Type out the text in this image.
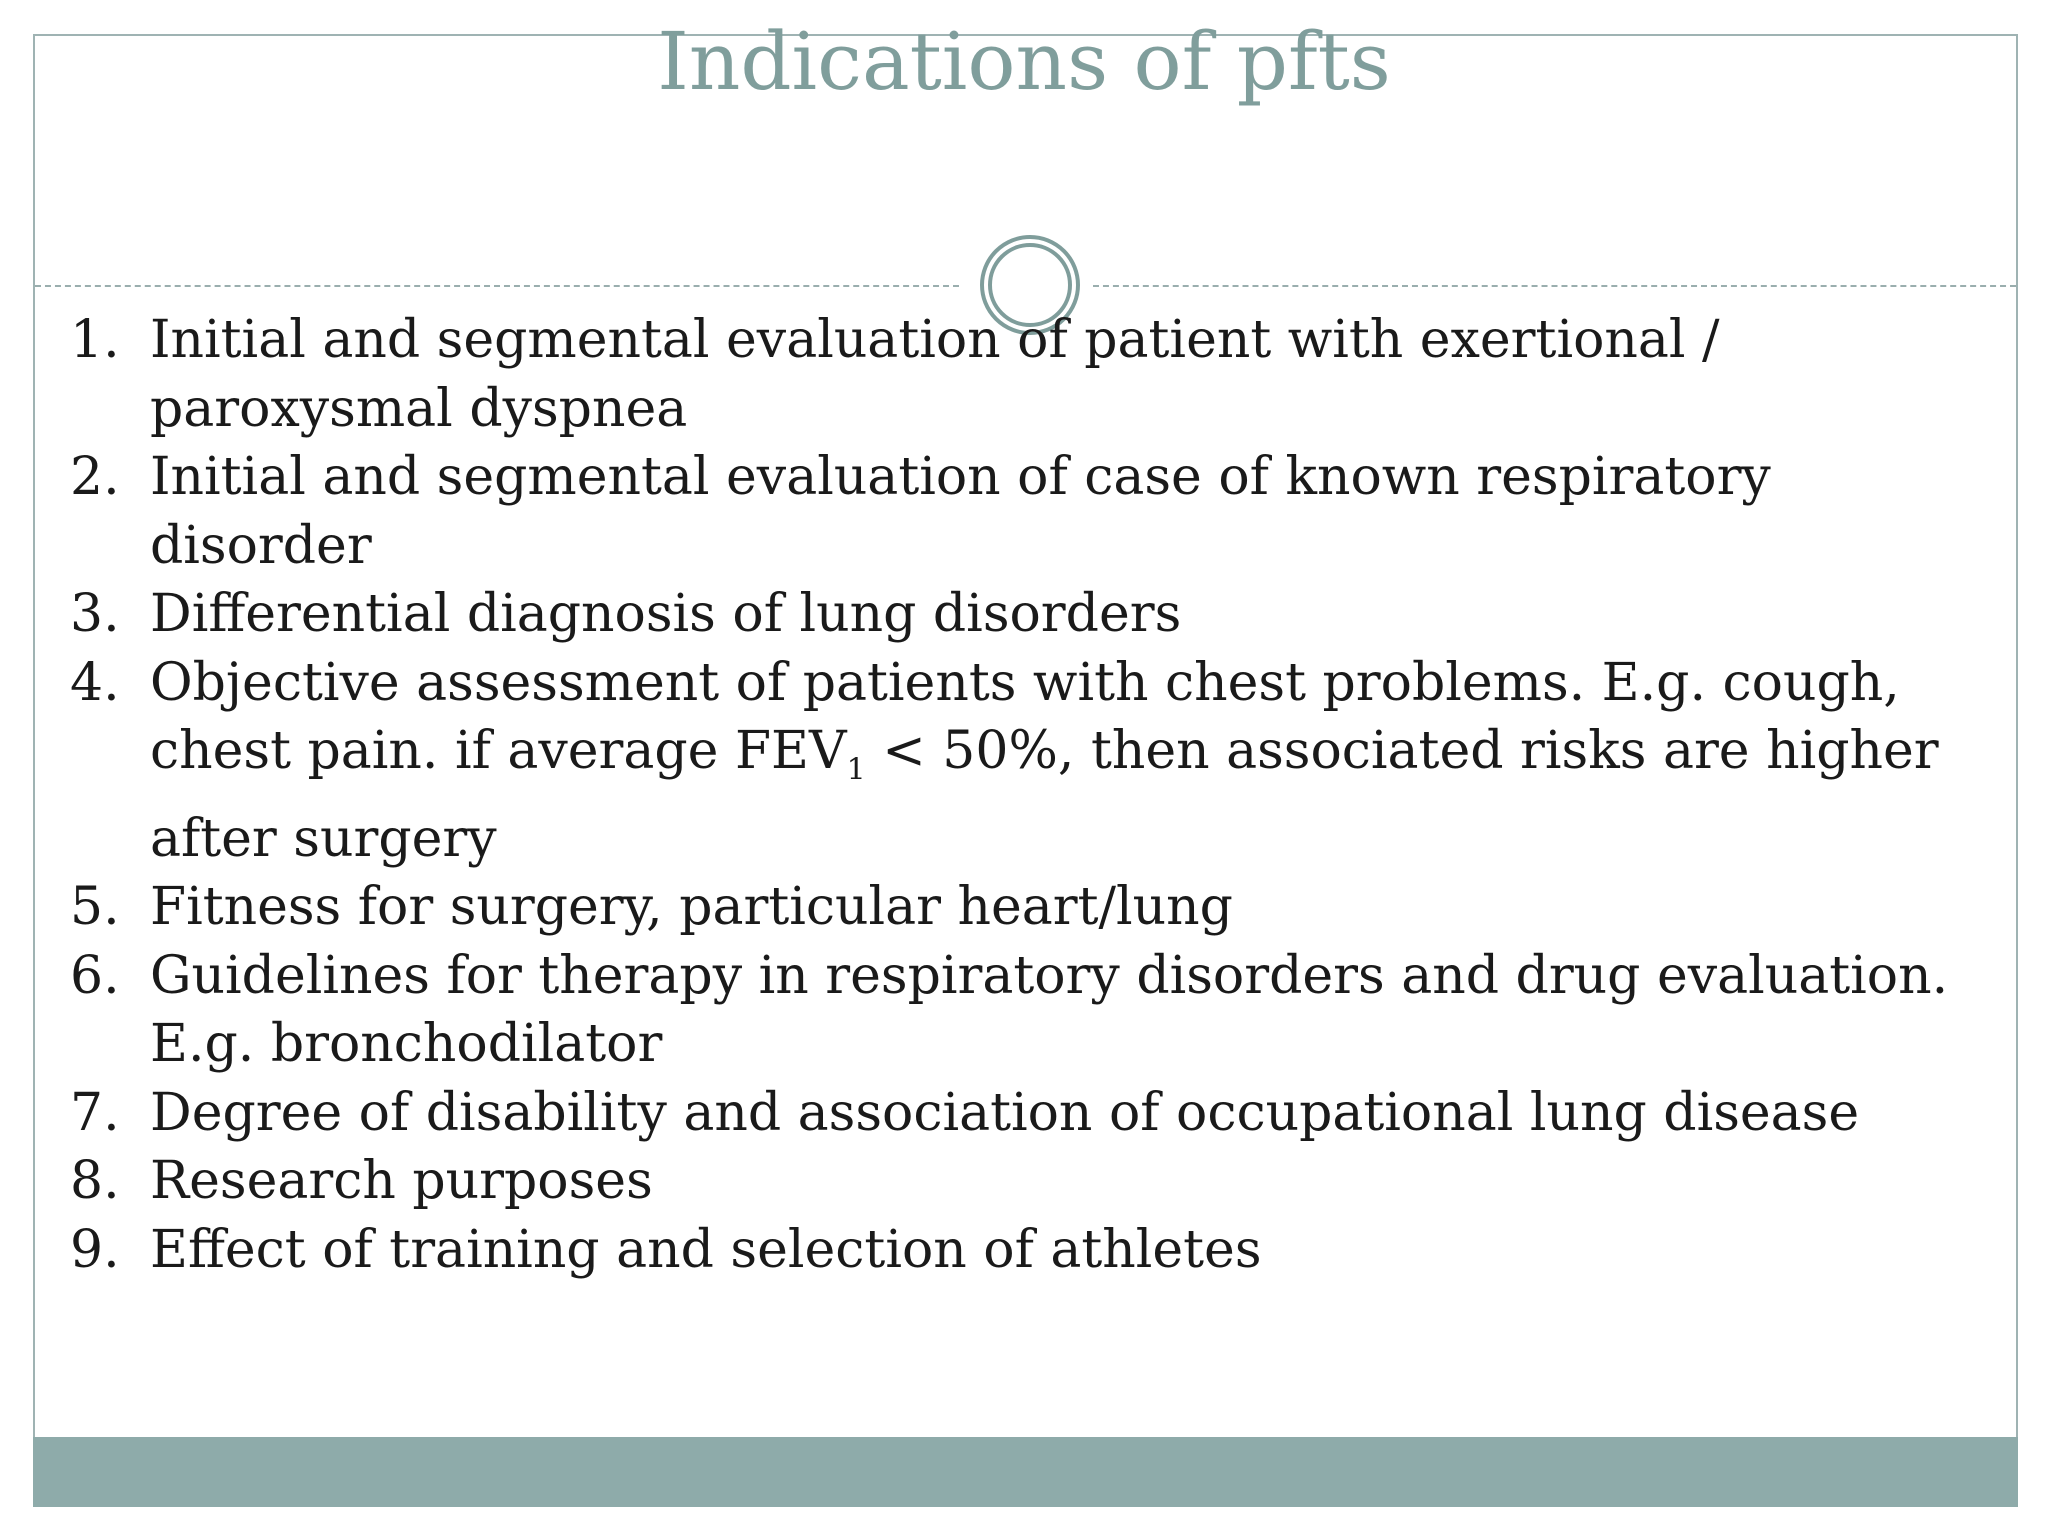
Indications of pfts
1. Initial and segmental evaluation of patient with exertional / paroxysmal dyspnea
2. Initial and segmental evaluation of case of known respiratory disorder
3. Differential diagnosis of lung disorders
4. Objective assessment of patients with chest problems. E.g. cough, chest pain. if average $FEV_1 < 50\%$, then associated risks are higher after surgery
5. Fitness for surgery, particular heart/lung
6. Guidelines for therapy in respiratory disorders and drug evaluation. E.g. bronchodilator
7. Degree of disability and association of occupational lung disease
8. Research purposes
9. Effect of training and selection of athletes
